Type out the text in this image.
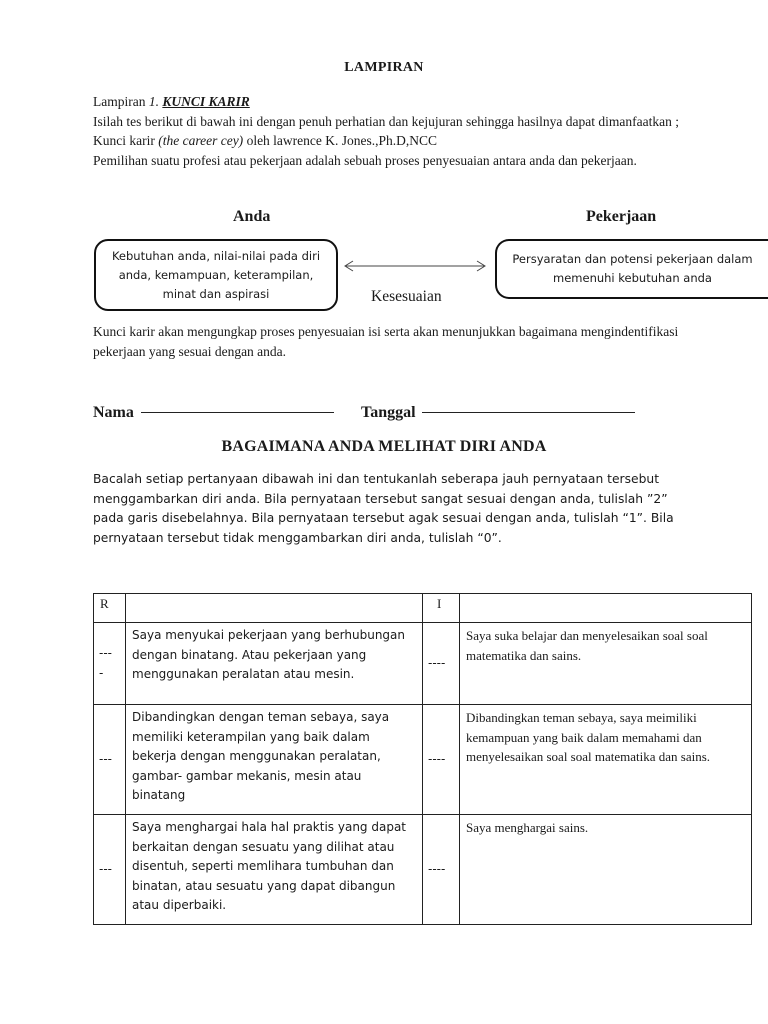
LAMPIRAN

Lampiran 1. KUNCI KARIR

Isilah tes berikut di bawah ini dengan penuh perhatian dan kejujuran sehingga hasilnya dapat dimanfaatkan ;

Kunci karir (the career cey) oleh lawrence K. Jones.,Ph.D,NCC

Pemilihan suatu profesi atau pekerjaan adalah sebuah proses penyesuaian antara anda dan pekerjaan.

Anda	Pekerjaan
Kebutuhan anda, nilai-nilai pada diri anda, kemampuan, keterampilan, minat dan aspirasi
Persyaratan dan potensi pekerjaan dalam memenuhi kebutuhan anda
Kesesuaian
Kunci karir akan mengungkap proses penyesuaian isi serta akan menunjukkan bagaimana mengindentifikasi pekerjaan yang sesuai dengan anda.
Nama	Tanggal
BAGAIMANA ANDA MELIHAT DIRI ANDA
Bacalah setiap pertanyaan dibawah ini dan tentukanlah seberapa jauh pernyataan tersebut menggambarkan diri anda. Bila pernyataan tersebut sangat sesuai dengan anda, tulislah ”2” pada garis disebelahnya. Bila pernyataan tersebut agak sesuai dengan anda, tulislah “1”. Bila pernyataan tersebut tidak menggambarkan diri anda, tulislah “0”.
R		I	
---
-	Saya menyukai pekerjaan yang berhubungan dengan binatang. Atau pekerjaan yang menggunakan peralatan atau mesin.	----	Saya suka belajar dan menyelesaikan soal soal matematika dan sains.
---	Dibandingkan dengan teman sebaya, saya memiliki keterampilan yang baik dalam bekerja dengan menggunakan peralatan, gambar- gambar mekanis, mesin atau binatang	----	Dibandingkan teman sebaya, saya meimiliki kemampuan yang baik dalam memahami dan menyelesaikan soal soal matematika dan sains.
---	Saya menghargai hala hal praktis yang dapat berkaitan dengan sesuatu yang dilihat atau disentuh, seperti memlihara tumbuhan dan binatan, atau sesuatu yang dapat dibangun atau diperbaiki.	----	Saya menghargai sains.
